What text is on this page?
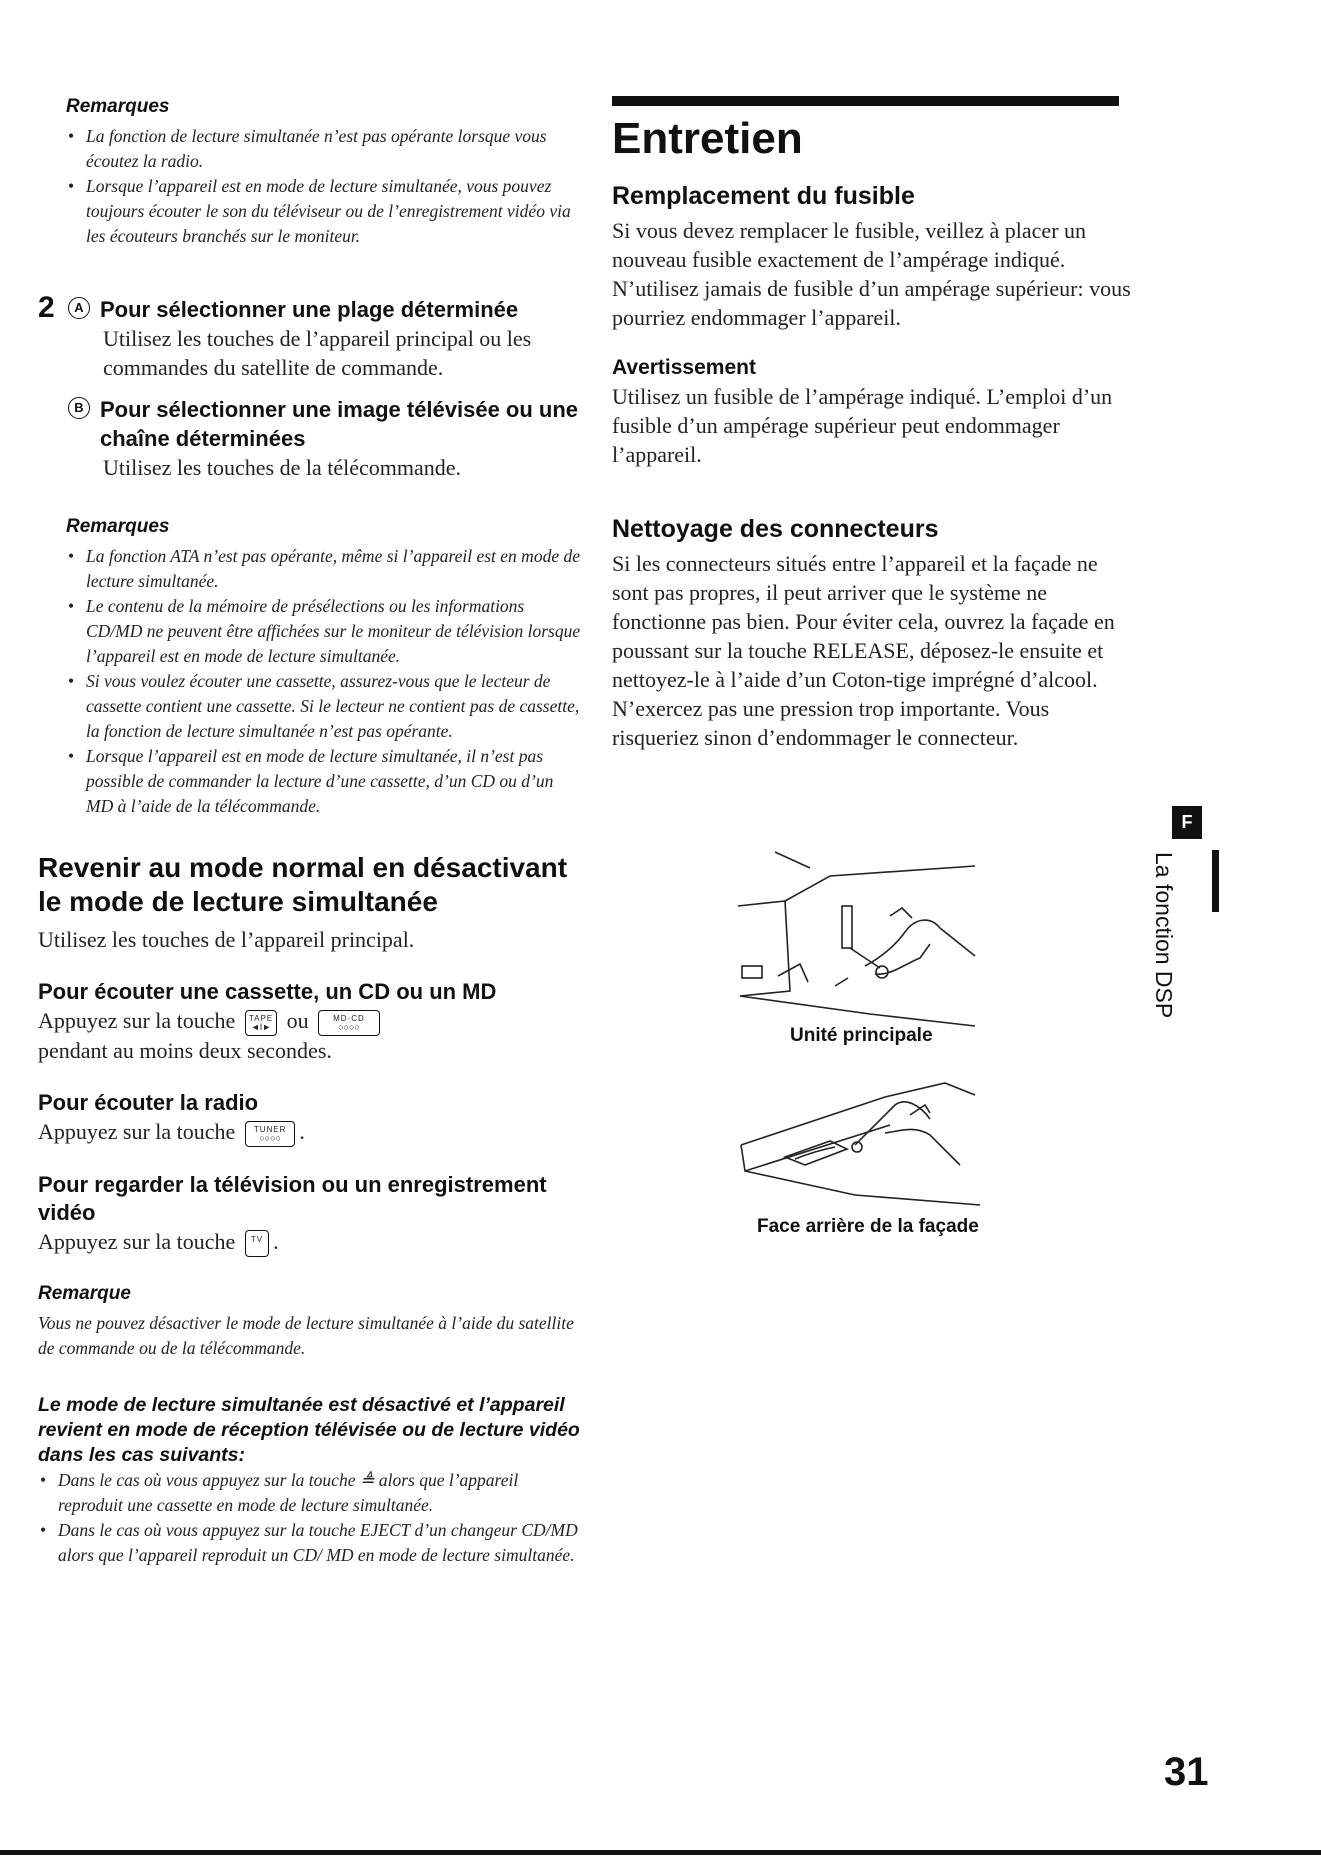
Remarques

• La fonction de lecture simultanée n’est pas opérante lorsque vous écoutez la radio.
• Lorsque l’appareil est en mode de lecture simultanée, vous pouvez toujours écouter le son du téléviseur ou de l’enregistrement vidéo via les écouteurs branchés sur le moniteur.
2	A Pour sélectionner une plage déterminée

Utilisez les touches de l’appareil principal ou les commandes du satellite de commande.

B Pour sélectionner une image télévisée ou une chaîne déterminées

Utilisez les touches de la télécommande.

Remarques

• La fonction ATA n’est pas opérante, même si l’appareil est en mode de lecture simultanée.
• Le contenu de la mémoire de présélections ou les informations CD/MD ne peuvent être affichées sur le moniteur de télévision lorsque l’appareil est en mode de lecture simultanée.
• Si vous voulez écouter une cassette, assurez-vous que le lecteur de cassette contient une cassette. Si le lecteur ne contient pas de cassette, la fonction de lecture simultanée n’est pas opérante.
• Lorsque l’appareil est en mode de lecture simultanée, il n’est pas possible de commander la lecture d’une cassette, d’un CD ou d’un MD à l’aide de la télécommande.
Revenir au mode normal en désactivant le mode de lecture simultanée

Utilisez les touches de l’appareil principal.

Pour écouter une cassette, un CD ou un MD

Appuyez sur la touche TAPE
◄I► ou	MD·CD
○○○○
pendant au moins deux secondes.

Pour écouter la radio

Appuyez sur la touche TUNER
○○○○ .

Pour regarder la télévision ou un enregistrement vidéo

Appuyez sur la touche TV .

Remarque

Vous ne pouvez désactiver le mode de lecture simultanée à l’aide du satellite de commande ou de la télécommande.

Le mode de lecture simultanée est désactivé et l’appareil revient en mode de réception télévisée ou de lecture vidéo dans les cas suivants:

• Dans le cas où vous appuyez sur la touche ≜ alors que l’appareil reproduit une cassette en mode de lecture simultanée.
• Dans le cas où vous appuyez sur la touche EJECT d’un changeur CD/MD alors que l’appareil reproduit un CD/ MD en mode de lecture simultanée.
Entretien
Remplacement du fusible

Si vous devez remplacer le fusible, veillez à placer un nouveau fusible exactement de l’ampérage indiqué. N’utilisez jamais de fusible d’un ampérage supérieur: vous pourriez endommager l’appareil.

Avertissement

Utilisez un fusible de l’ampérage indiqué. L’emploi d’un fusible d’un ampérage supérieur peut endommager l’appareil.

Nettoyage des connecteurs

Si les connecteurs situés entre l’appareil et la façade ne sont pas propres, il peut arriver que le système ne fonctionne pas bien. Pour éviter cela, ouvrez la façade en poussant sur la touche RELEASE, déposez-le ensuite et nettoyez-le à l’aide d’un Coton-tige imprégné d’alcool. N’exercez pas une pression trop importante. Vous risqueriez sinon d’endommager le connecteur.

Unité principale
Face arrière de la façade
F
La fonction DSP
31
